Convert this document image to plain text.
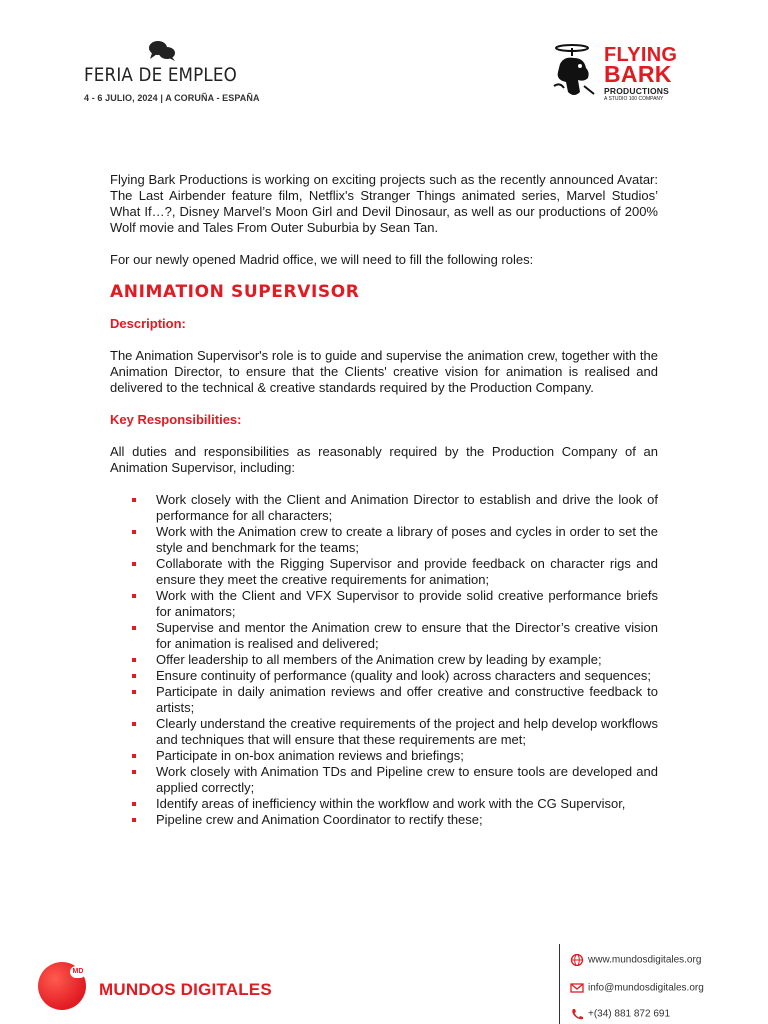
FERIA DE EMPLEO
4 - 6 JULIO, 2024 | A CORUÑA - ESPAÑA
FLYING
BARK
PRODUCTIONS
A STUDIO 100 COMPANY

Flying Bark Productions is working on exciting projects such as the recently announced Avatar: The Last Airbender feature film, Netflix's Stranger Things animated series, Marvel Studios’ What If…?, Disney Marvel’s Moon Girl and Devil Dinosaur, as well as our productions of 200% Wolf movie and Tales From Outer Suburbia by Sean Tan.

For our newly opened Madrid office, we will need to fill the following roles:

ANIMATION SUPERVISOR

Description:

The Animation Supervisor's role is to guide and supervise the animation crew, together with the Animation Director, to ensure that the Clients' creative vision for animation is realised and delivered to the technical & creative standards required by the Production Company.

Key Responsibilities:

All duties and responsibilities as reasonably required by the Production Company of an Animation Supervisor, including:

Work closely with the Client and Animation Director to establish and drive the look of performance for all characters;
Work with the Animation crew to create a library of poses and cycles in order to set the style and benchmark for the teams;
Collaborate with the Rigging Supervisor and provide feedback on character rigs and ensure they meet the creative requirements for animation;
Work with the Client and VFX Supervisor to provide solid creative performance briefs for animators;
Supervise and mentor the Animation crew to ensure that the Director’s creative vision for animation is realised and delivered;
Offer leadership to all members of the Animation crew by leading by example;
Ensure continuity of performance (quality and look) across characters and sequences;
Participate in daily animation reviews and offer creative and constructive feedback to artists;
Clearly understand the creative requirements of the project and help develop workflows and techniques that will ensure that these requirements are met;
Participate in on-box animation reviews and briefings;
Work closely with Animation TDs and Pipeline crew to ensure tools are developed and applied correctly;
Identify areas of inefficiency within the workflow and work with the CG Supervisor,
Pipeline crew and Animation Coordinator to rectify these;
MD
MUNDOS DIGITALES
www.mundosdigitales.org
info@mundosdigitales.org
+(34) 881 872 691
